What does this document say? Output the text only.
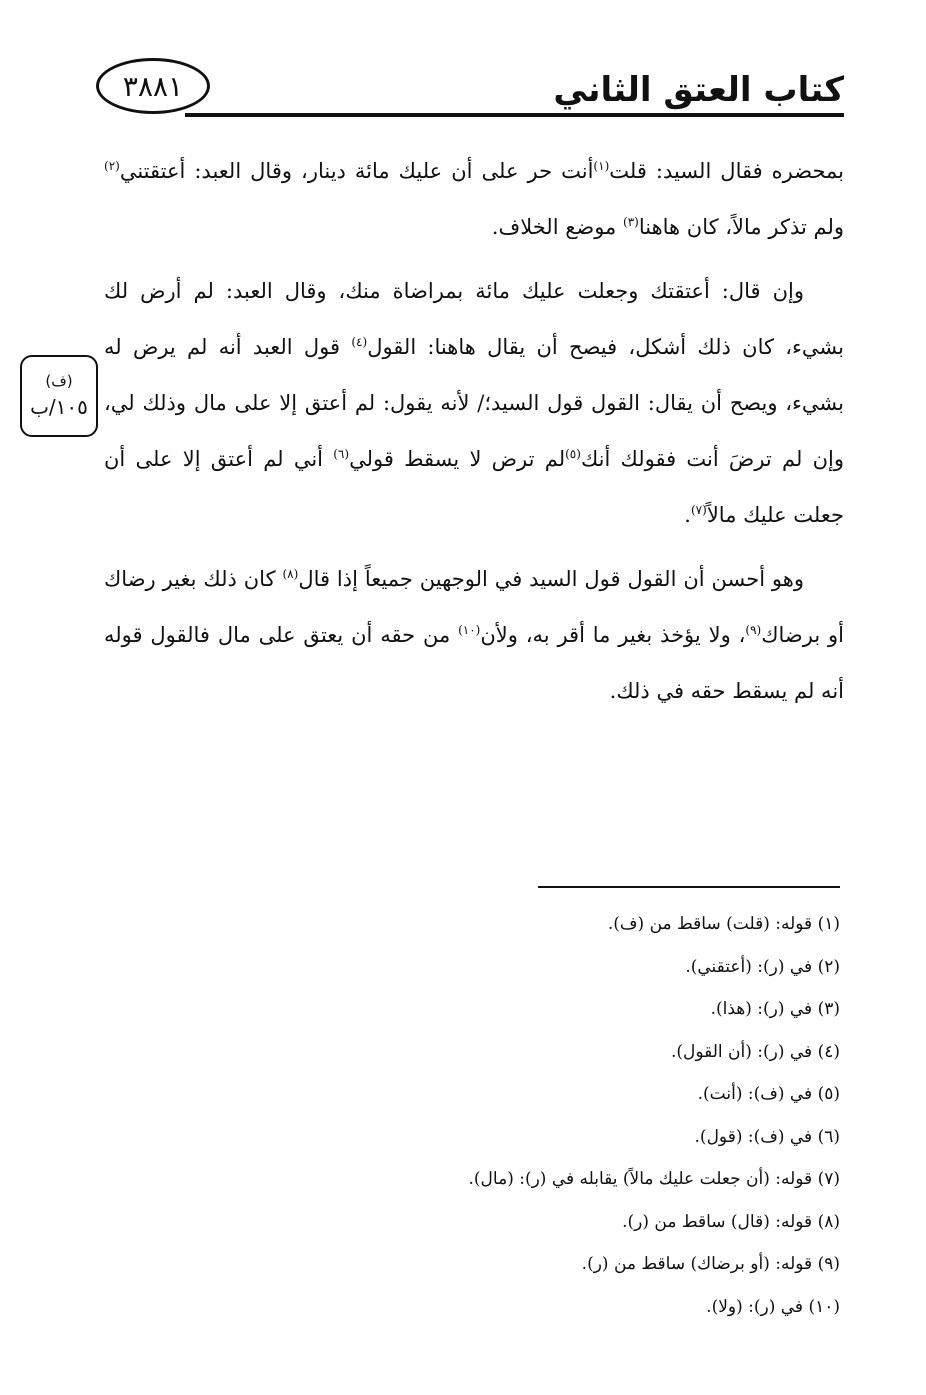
كتاب العتق الثاني
٣٨٨١
(ف)
١٠٥/ب

بمحضره فقال السيد: قلت$^{(١)}$أنت حر على أن عليك مائة دينار، وقال العبد: أعتقتني$^{(٢)}$ ولم تذكر مالاً، كان هاهنا$^{(٣)}$ موضع الخلاف.

وإن قال: أعتقتك وجعلت عليك مائة بمراضاة منك، وقال العبد: لم أرض لك بشيء، كان ذلك أشكل، فيصح أن يقال هاهنا: القول$^{(٤)}$ قول العبد أنه لم يرض له بشيء، ويصح أن يقال: القول قول السيد؛/ لأنه يقول: لم أعتق إلا على مال وذلك لي، وإن لم ترضَ أنت فقولك أنك$^{(٥)}$لم ترض لا يسقط قولي$^{(٦)}$ أني لم أعتق إلا على أن جعلت عليك مالاً$^{(٧)}$.

وهو أحسن أن القول قول السيد في الوجهين جميعاً إذا قال$^{(٨)}$ كان ذلك بغير رضاك أو برضاك$^{(٩)}$، ولا يؤخذ بغير ما أقر به، ولأن$^{(١٠)}$ من حقه أن يعتق على مال فالقول قوله أنه لم يسقط حقه في ذلك.

(١) قوله: (قلت) ساقط من (ف).
(٢) في (ر): (أعتقني).
(٣) في (ر): (هذا).
(٤) في (ر): (أن القول).
(٥) في (ف): (أنت).
(٦) في (ف): (قول).
(٧) قوله: (أن جعلت عليك مالاً) يقابله في (ر): (مال).
(٨) قوله: (قال) ساقط من (ر).
(٩) قوله: (أو برضاك) ساقط من (ر).
(١٠) في (ر): (ولا).
